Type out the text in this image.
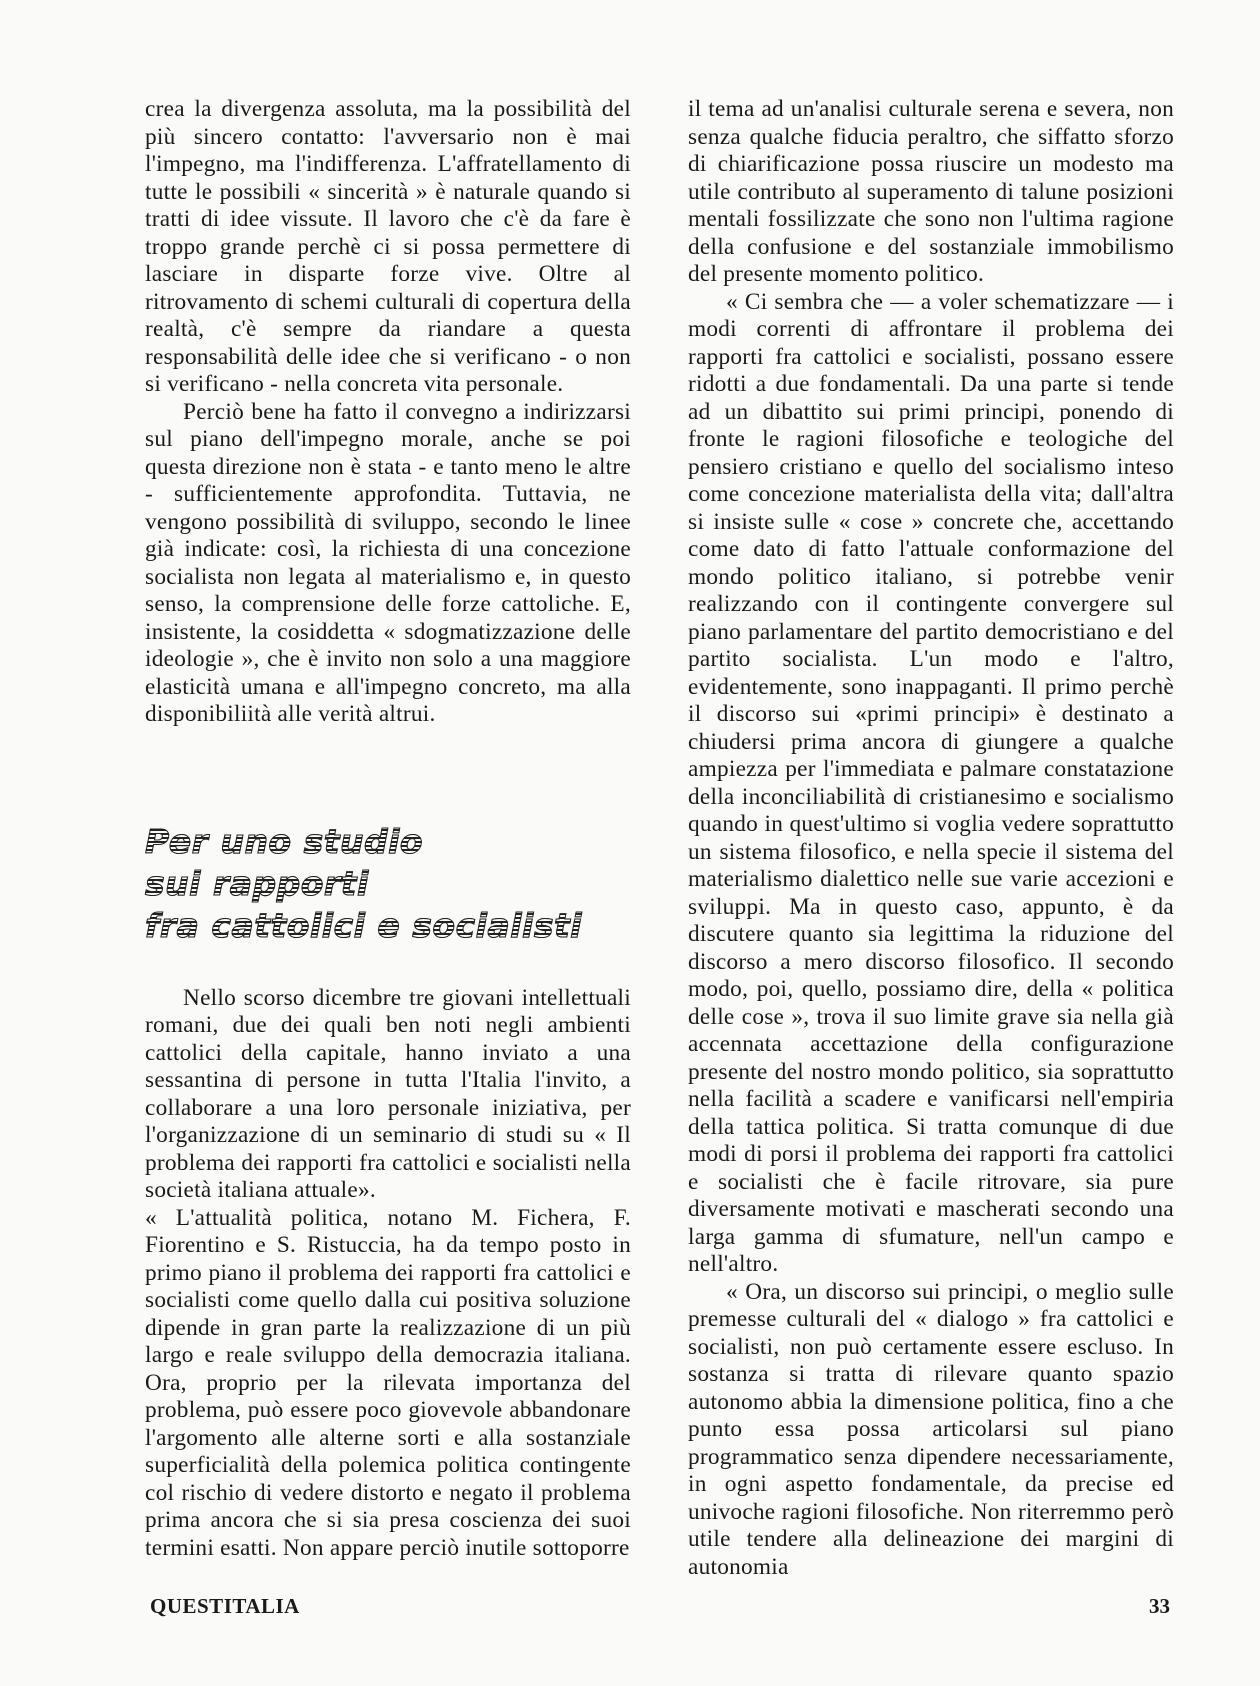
crea la divergenza assoluta, ma la possibilità del più sincero contatto: l'avversario non è mai l'impegno, ma l'indifferenza. L'affratellamento di tutte le possibili « sincerità » è naturale quando si tratti di idee vissute. Il lavoro che c'è da fare è troppo grande perchè ci si possa permettere di lasciare in disparte forze vive. Oltre al ritrovamento di schemi culturali di copertura della realtà, c'è sempre da riandare a questa responsabilità delle idee che si verificano - o non si verificano - nella concreta vita personale.

Perciò bene ha fatto il convegno a indirizzarsi sul piano dell'impegno morale, anche se poi questa direzione non è stata - e tanto meno le altre - sufficientemente approfondita. Tuttavia, ne vengono possibilità di sviluppo, secondo le linee già indicate: così, la richiesta di una concezione socialista non legata al materialismo e, in questo senso, la comprensione delle forze cattoliche. E, insistente, la cosiddetta « sdogmatizzazione delle ideologie », che è invito non solo a una maggiore elasticità umana e all'impegno concreto, ma alla disponibiliità alle verità altrui.

Per uno studio
sui rapporti
fra cattolici e socialisti

Nello scorso dicembre tre giovani intellettuali romani, due dei quali ben noti negli ambienti cattolici della capitale, hanno inviato a una sessantina di persone in tutta l'Italia l'invito, a collaborare a una loro personale iniziativa, per l'organizzazione di un seminario di studi su « Il problema dei rapporti fra cattolici e socialisti nella società italiana attuale».

« L'attualità politica, notano M. Fichera, F. Fiorentino e S. Ristuccia, ha da tempo posto in primo piano il problema dei rapporti fra cattolici e socialisti come quello dalla cui positiva soluzione dipende in gran parte la realizzazione di un più largo e reale sviluppo della democrazia italiana. Ora, proprio per la rilevata importanza del problema, può essere poco giovevole abbandonare l'argomento alle alterne sorti e alla sostanziale superficialità della polemica politica contingente col rischio di vedere distorto e negato il problema prima ancora che si sia presa coscienza dei suoi termini esatti. Non appare perciò inutile sottoporre

il tema ad un'analisi culturale serena e severa, non senza qualche fiducia peraltro, che siffatto sforzo di chiarificazione possa riuscire un modesto ma utile contributo al superamento di talune posizioni mentali fossilizzate che sono non l'ultima ragione della confusione e del sostanziale immobilismo del presente momento politico.

« Ci sembra che — a voler schematizzare — i modi correnti di affrontare il problema dei rapporti fra cattolici e socialisti, possano essere ridotti a due fondamentali. Da una parte si tende ad un dibattito sui primi principi, ponendo di fronte le ragioni filosofiche e teologiche del pensiero cristiano e quello del socialismo inteso come concezione materialista della vita; dall'altra si insiste sulle « cose » concrete che, accettando come dato di fatto l'attuale conformazione del mondo politico italiano, si potrebbe venir realizzando con il contingente convergere sul piano parlamentare del partito democristiano e del partito socialista. L'un modo e l'altro, evidentemente, sono inappaganti. Il primo perchè il discorso sui «primi principi» è destinato a chiudersi prima ancora di giungere a qualche ampiezza per l'immediata e palmare constatazione della inconciliabilità di cristianesimo e socialismo quando in quest'ultimo si voglia vedere soprattutto un sistema filosofico, e nella specie il sistema del materialismo dialettico nelle sue varie accezioni e sviluppi. Ma in questo caso, appunto, è da discutere quanto sia legittima la riduzione del discorso a mero discorso filosofico. Il secondo modo, poi, quello, possiamo dire, della « politica delle cose », trova il suo limite grave sia nella già accennata accettazione della configurazione presente del nostro mondo politico, sia soprattutto nella facilità a scadere e vanificarsi nell'empiria della tattica politica. Si tratta comunque di due modi di porsi il problema dei rapporti fra cattolici e socialisti che è facile ritrovare, sia pure diversamente motivati e mascherati secondo una larga gamma di sfumature, nell'un campo e nell'altro.

« Ora, un discorso sui principi, o meglio sulle premesse culturali del « dialogo » fra cattolici e socialisti, non può certamente essere escluso. In sostanza si tratta di rilevare quanto spazio autonomo abbia la dimensione politica, fino a che punto essa possa articolarsi sul piano programmatico senza dipendere necessariamente, in ogni aspetto fondamentale, da precise ed univoche ragioni filosofiche. Non riterremmo però utile tendere alla delineazione dei margini di autonomia

QUESTITALIA	33
